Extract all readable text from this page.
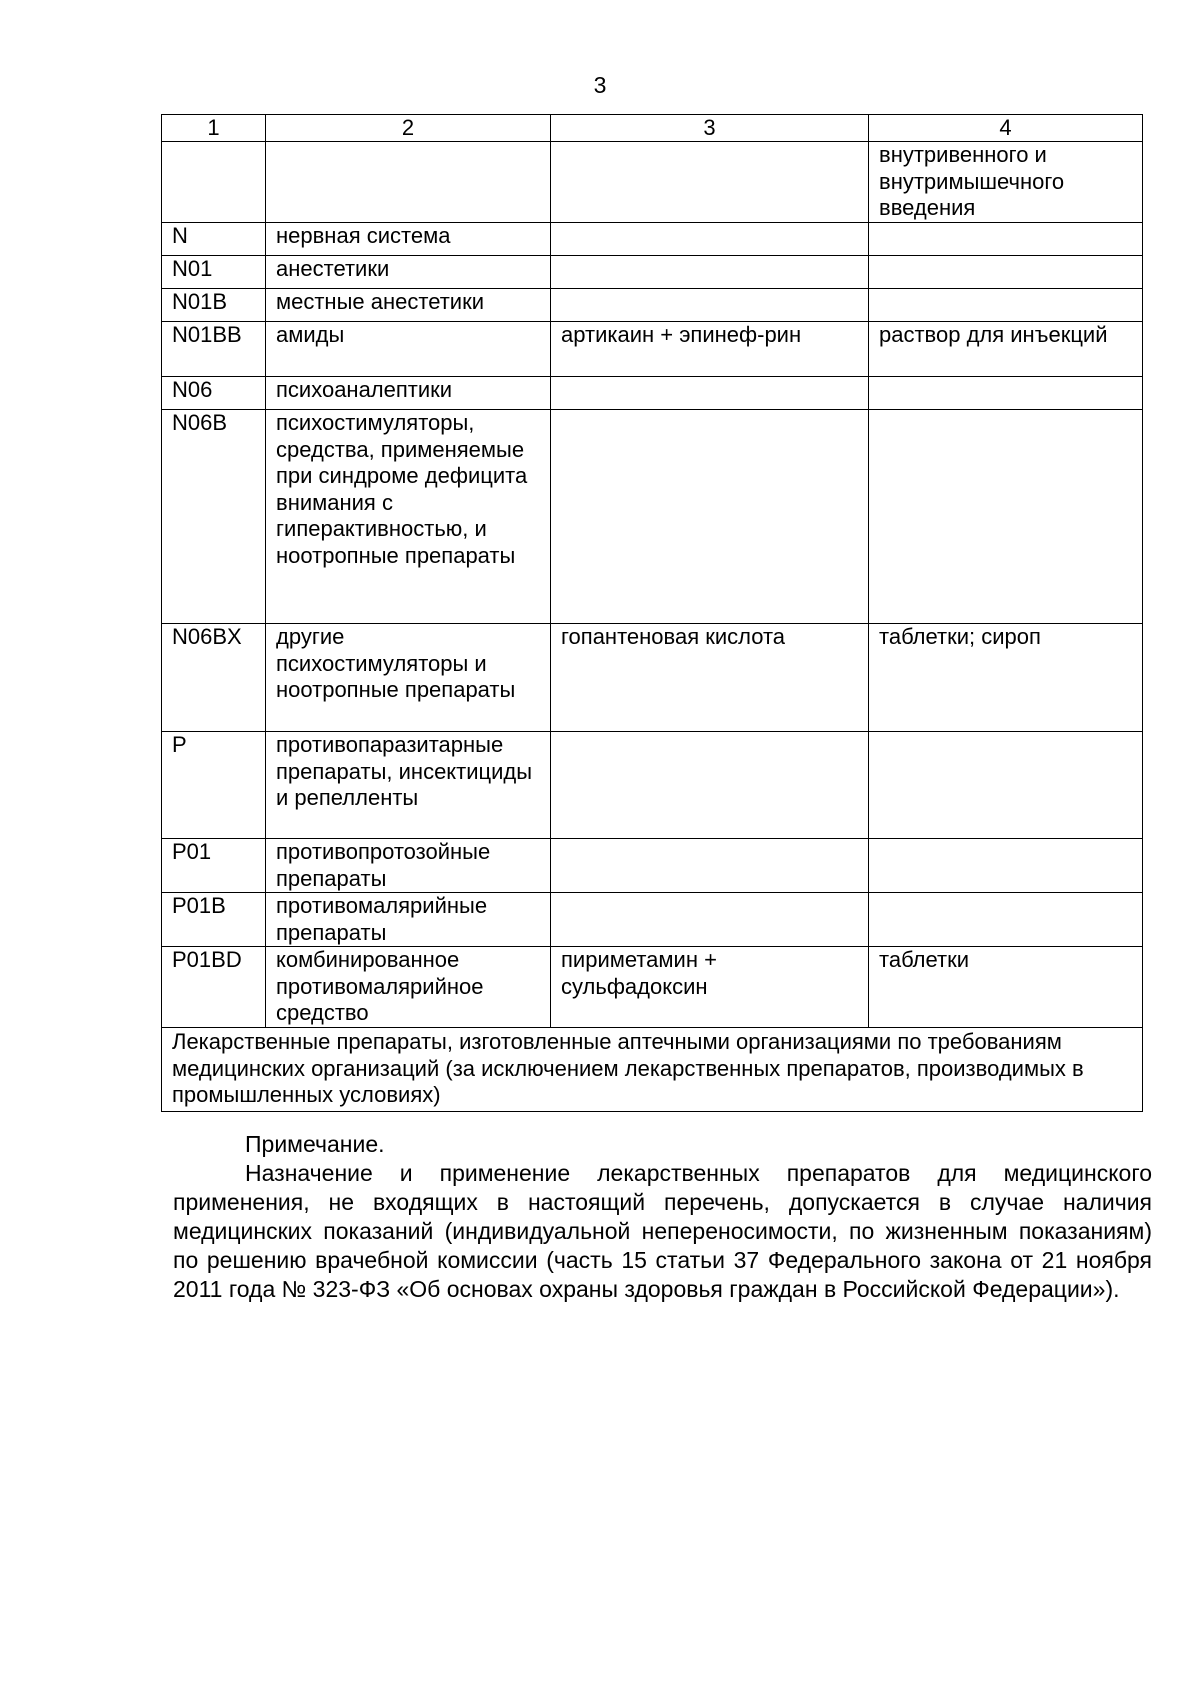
3
1	2	3	4
			внутривенного и внутримышечного введения
N	нервная система		
N01	анестетики		
N01B	местные анестетики		
N01BB	амиды	артикаин + эпинеф-рин	раствор для инъекций
N06	психоаналептики		
N06B	психостимуляторы, средства, применяемые при синдроме дефицита внимания с гиперактивностью, и ноотропные препараты		
N06BX	другие психостимуляторы и ноотропные препараты	гопантеновая кислота	таблетки; сироп
P	противопаразитарные препараты, инсектициды и репелленты		
P01	противопротозойные препараты		
P01B	противомалярийные препараты		
P01BD	комбинированное противомалярийное средство	пириметамин + сульфадоксин	таблетки
Лекарственные препараты, изготовленные аптечными организациями по требованиям медицинских организаций (за исключением лекарственных препаратов, производимых в промышленных условиях)			

Примечание.

Назначение и применение лекарственных препаратов для медицинского применения, не входящих в настоящий перечень, допускается в случае наличия медицинских показаний (индивидуальной непереносимости, по жизненным показаниям) по решению врачебной комиссии (часть 15 статьи 37 Федерального закона от 21 ноября 2011 года № 323-ФЗ «Об основах охраны здоровья граждан в Российской Федерации»).
